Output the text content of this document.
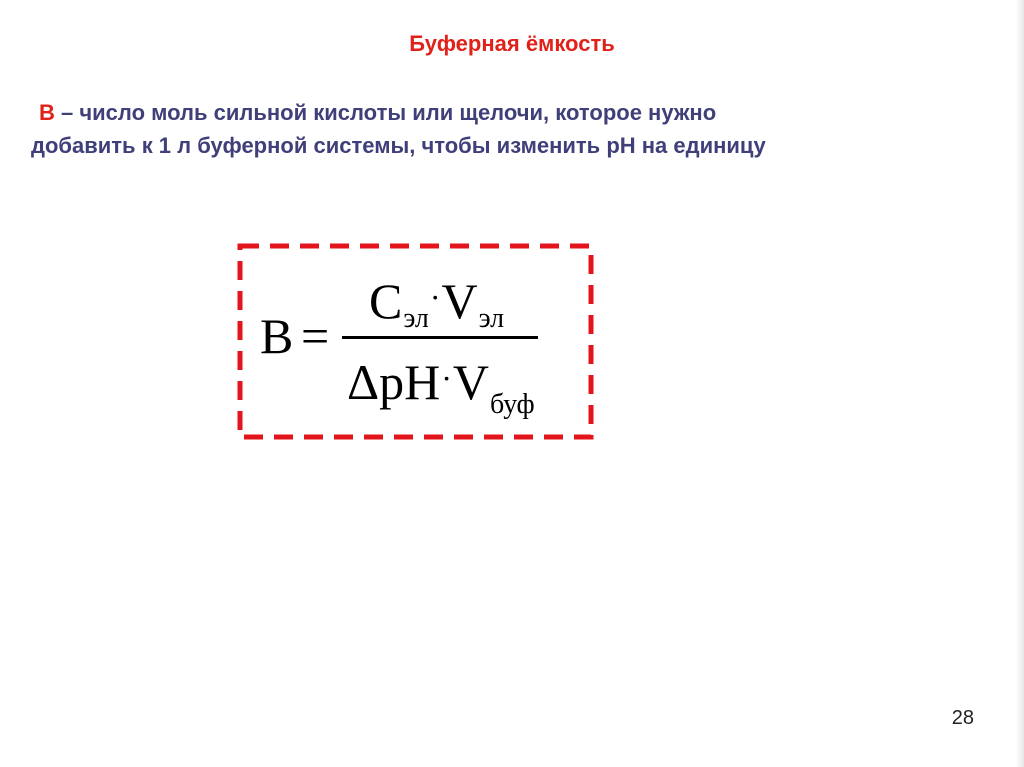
Буферная ёмкость
B – число моль сильной кислоты или щелочи, которое нужно
добавить к 1 л буферной системы, чтобы изменить pH на единицу
B =
Cэл·Vэл
$\Delta pH^\cdot V_{буф}$
28
